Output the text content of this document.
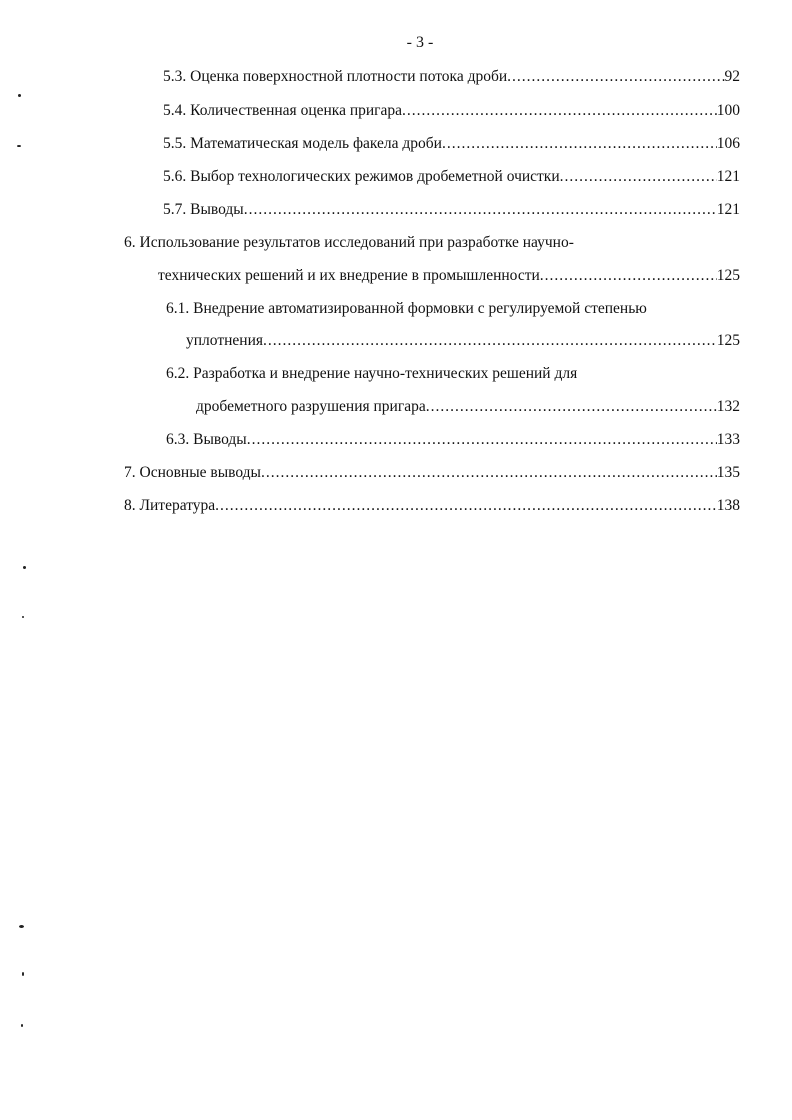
- 3 -
5.3. Оценка поверхностной плотности потока дроби .....	92
5.4. Количественная оценка пригара .....	100
5.5. Математическая модель факела дроби .....	106
5.6. Выбор технологических режимов дробеметной очистки .....	121
5.7. Выводы .....	121
6. Использование результатов исследований при разработке научно-
технических решений и их внедрение в промышленности .....	125
6.1. Внедрение автоматизированной формовки с регулируемой степенью
уплотнения .....	125
6.2. Разработка и внедрение научно-технических решений для
дробеметного разрушения пригара .....	132
6.3. Выводы .....	133
7. Основные выводы .....	135
8. Литература .....	138
